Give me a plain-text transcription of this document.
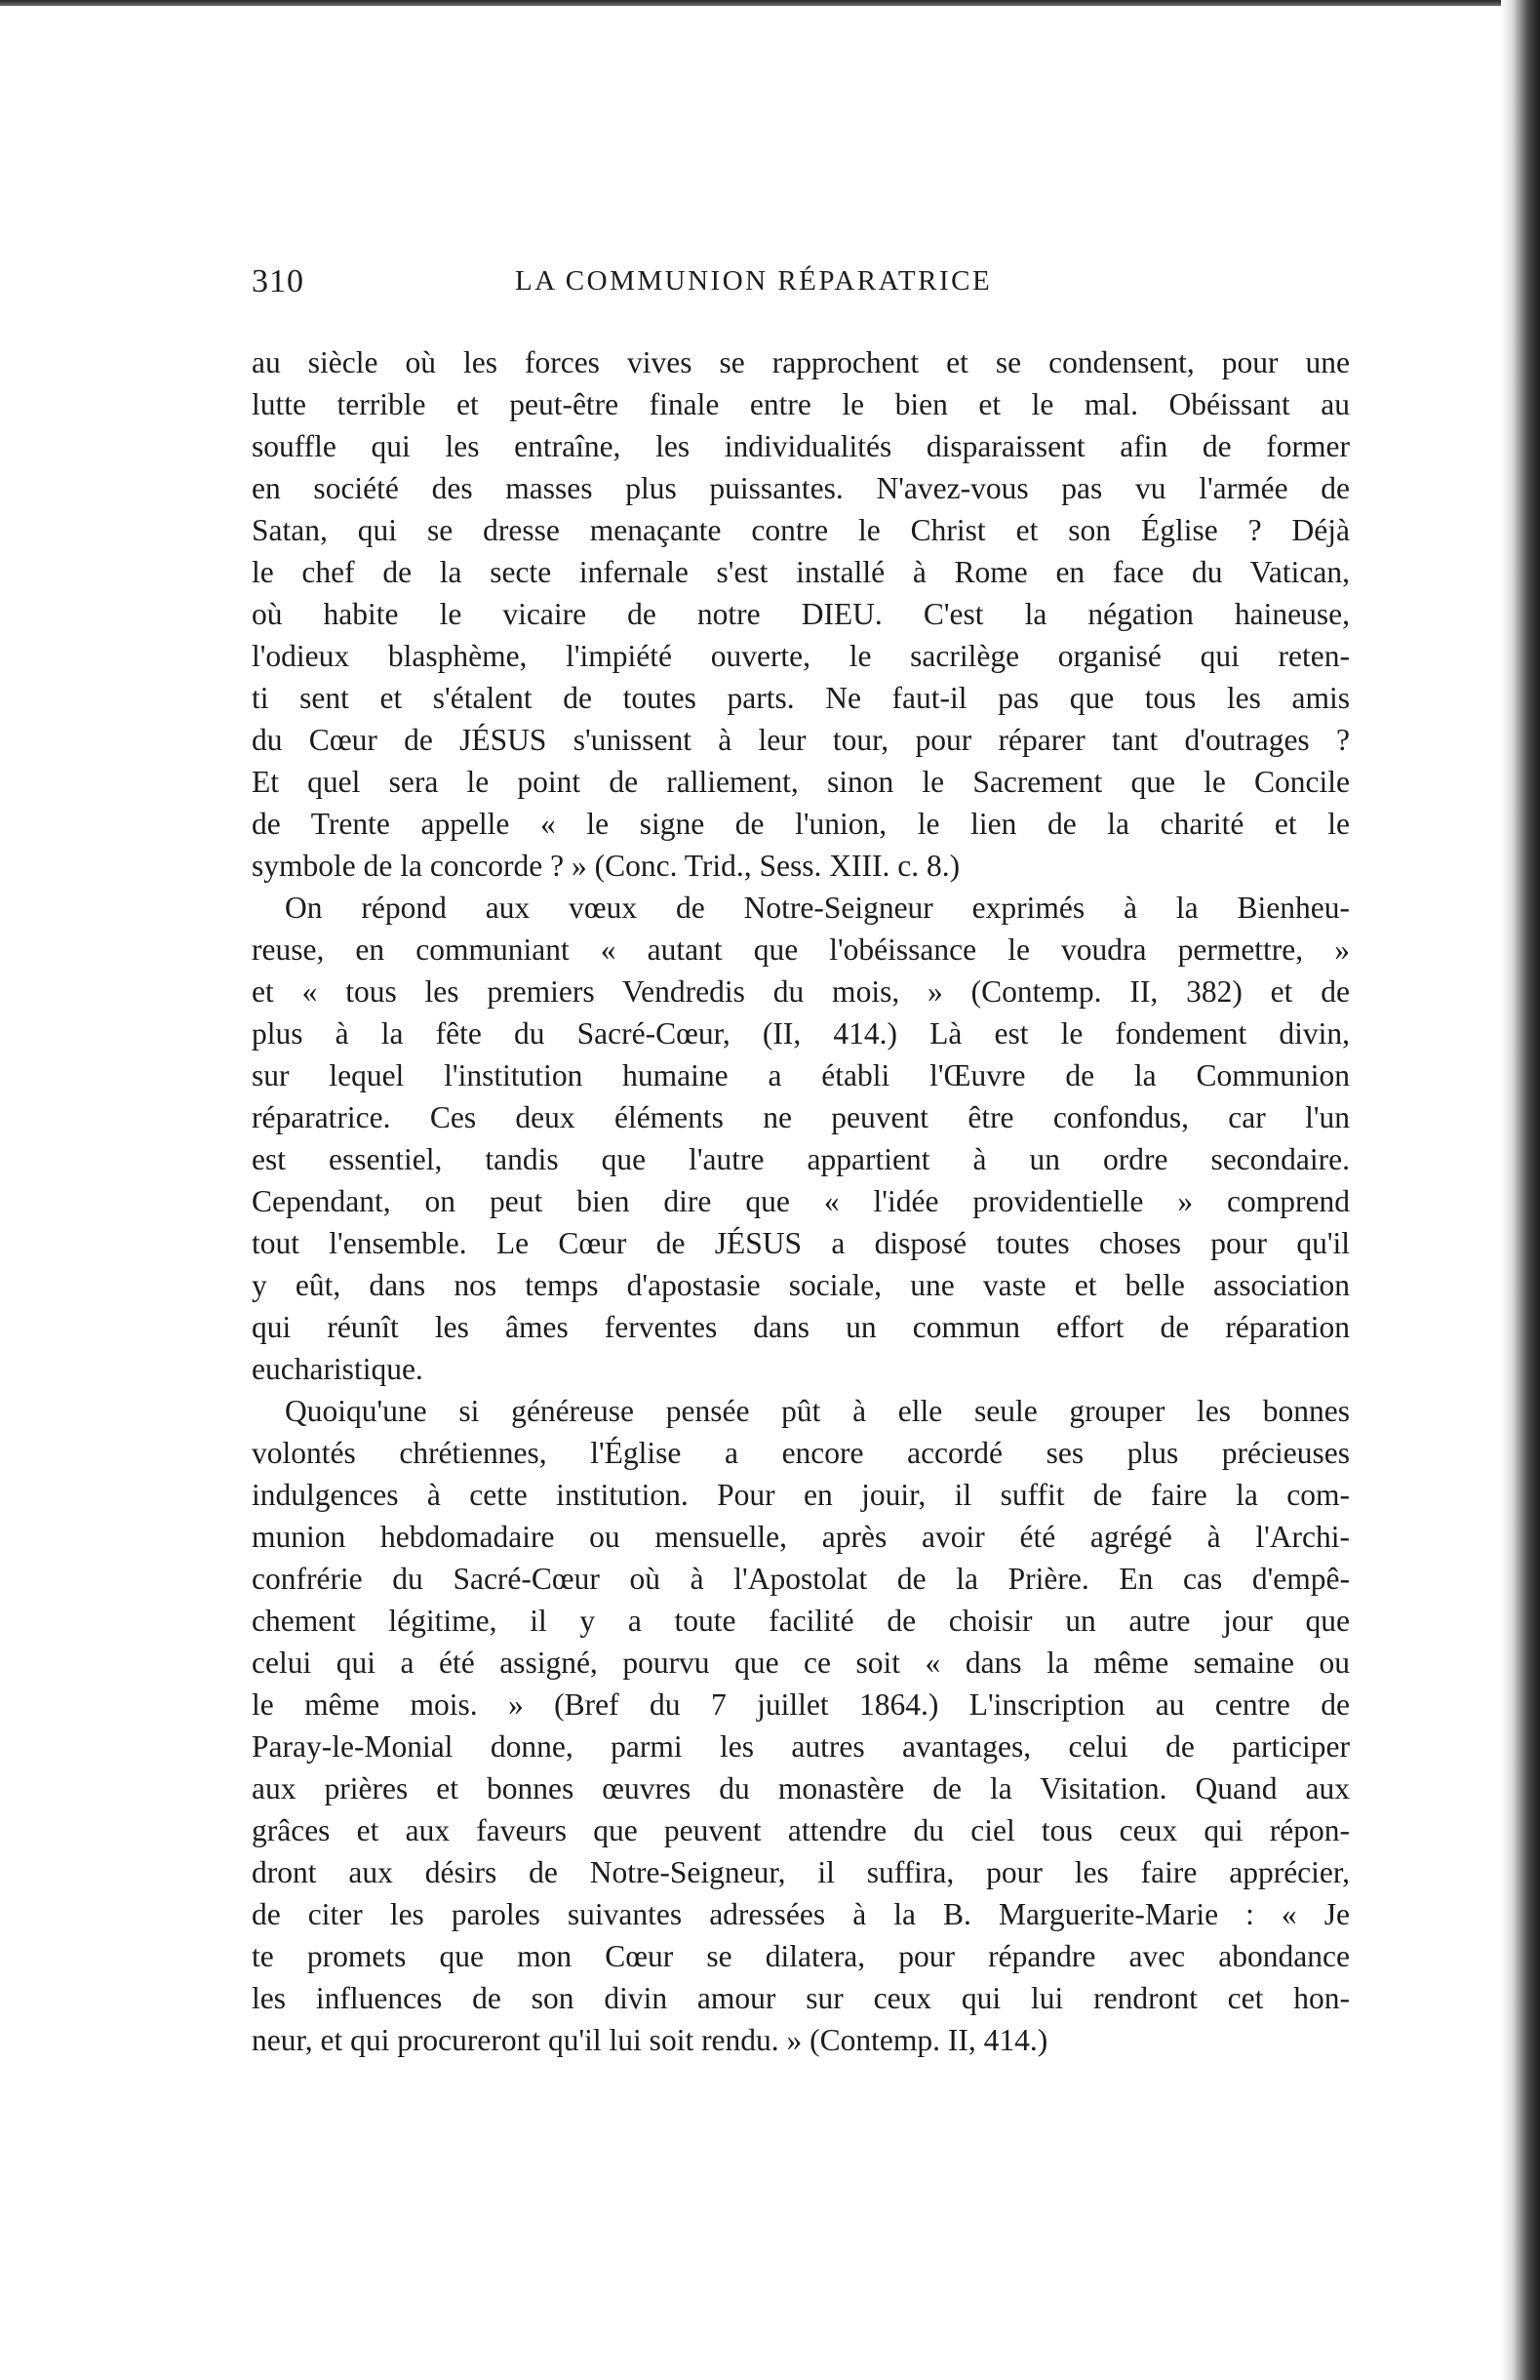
310	LA COMMUNION RÉPARATRICE
au siècle où les forces vives se rapprochent et se condensent, pour une
lutte terrible et peut-être finale entre le bien et le mal. Obéissant au
souffle qui les entraîne, les individualités disparaissent afin de former
en société des masses plus puissantes. N'avez-vous pas vu l'armée de
Satan, qui se dresse menaçante contre le Christ et son Église ? Déjà
le chef de la secte infernale s'est installé à Rome en face du Vatican,
où habite le vicaire de notre DIEU. C'est la négation haineuse,
l'odieux blasphème, l'impiété ouverte, le sacrilège organisé qui reten-
ti sent et s'étalent de toutes parts. Ne faut-il pas que tous les amis
du Cœur de JÉSUS s'unissent à leur tour, pour réparer tant d'outrages ?
Et quel sera le point de ralliement, sinon le Sacrement que le Concile
de Trente appelle « le signe de l'union, le lien de la charité et le
symbole de la concorde ? » (Conc. Trid., Sess. XIII. c. 8.)
On répond aux vœux de Notre-Seigneur exprimés à la Bienheu-
reuse, en communiant « autant que l'obéissance le voudra permettre, »
et « tous les premiers Vendredis du mois, » (Contemp. II, 382) et de
plus à la fête du Sacré-Cœur, (II, 414.) Là est le fondement divin,
sur lequel l'institution humaine a établi l'Œuvre de la Communion
réparatrice. Ces deux éléments ne peuvent être confondus, car l'un
est essentiel, tandis que l'autre appartient à un ordre secondaire.
Cependant, on peut bien dire que « l'idée providentielle » comprend
tout l'ensemble. Le Cœur de JÉSUS a disposé toutes choses pour qu'il
y eût, dans nos temps d'apostasie sociale, une vaste et belle association
qui réunît les âmes ferventes dans un commun effort de réparation
eucharistique.
Quoiqu'une si généreuse pensée pût à elle seule grouper les bonnes
volontés chrétiennes, l'Église a encore accordé ses plus précieuses
indulgences à cette institution. Pour en jouir, il suffit de faire la com-
munion hebdomadaire ou mensuelle, après avoir été agrégé à l'Archi-
confrérie du Sacré-Cœur où à l'Apostolat de la Prière. En cas d'empê-
chement légitime, il y a toute facilité de choisir un autre jour que
celui qui a été assigné, pourvu que ce soit « dans la même semaine ou
le même mois. » (Bref du 7 juillet 1864.) L'inscription au centre de
Paray-le-Monial donne, parmi les autres avantages, celui de participer
aux prières et bonnes œuvres du monastère de la Visitation. Quand aux
grâces et aux faveurs que peuvent attendre du ciel tous ceux qui répon-
dront aux désirs de Notre-Seigneur, il suffira, pour les faire apprécier,
de citer les paroles suivantes adressées à la B. Marguerite-Marie : « Je
te promets que mon Cœur se dilatera, pour répandre avec abondance
les influences de son divin amour sur ceux qui lui rendront cet hon-
neur, et qui procureront qu'il lui soit rendu. » (Contemp. II, 414.)
